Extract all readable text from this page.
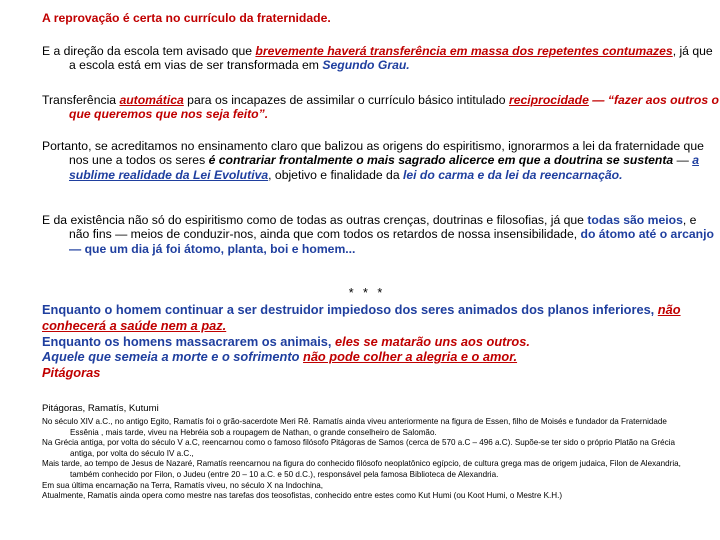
A reprovação é certa no currículo da fraternidade.
E a direção da escola tem avisado que brevemente haverá transferência em massa dos repetentes contumazes, já que a escola está em vias de ser transformada em Segundo Grau.
Transferência automática para os incapazes de assimilar o currículo básico intitulado reciprocidade — “fazer aos outros o que queremos que nos seja feito”.
Portanto, se acreditamos no ensinamento claro que balizou as origens do espiritismo, ignorarmos a lei da fraternidade que nos une a todos os seres é contrariar frontalmente o mais sagrado alicerce em que a doutrina se sustenta — a sublime realidade da Lei Evolutiva, objetivo e finalidade da lei do carma e da lei da reencarnação.
E da existência não só do espiritismo como de todas as outras crenças, doutrinas e filosofias, já que todas são meios, e não fins — meios de conduzir-nos, ainda que com todos os retardos de nossa insensibilidade, do átomo até o arcanjo — que um dia já foi átomo, planta, boi e homem...
* * *
Enquanto o homem continuar a ser destruidor impiedoso dos seres animados dos planos inferiores, não conhecerá a saúde nem a paz.
Enquanto os homens massacrarem os animais, eles se matarão uns aos outros.
Aquele que semeia a morte e o sofrimento não pode colher a alegria e o amor.
Pitágoras
Pitágoras, Ramatís, Kutumi
No século XIV a.C., no antigo Egito, Ramatís foi o grão-sacerdote Meri Rê. Ramatís ainda viveu anteriormente na figura de Essen, filho de Moisés e fundador da Fraternidade Essênia , mais tarde, viveu na Hebréia sob a roupagem de Nathan, o grande conselheiro de Salomão.
Na Grécia antiga, por volta do século V a.C, reencarnou como o famoso filósofo Pitágoras de Samos (cerca de 570 a.C – 496 a.C). Supõe-se ter sido o próprio Platão na Grécia antiga, por volta do século IV a.C.,
Mais tarde, ao tempo de Jesus de Nazaré, Ramatís reencarnou na figura do conhecido filósofo neoplatônico egípcio, de cultura grega mas de origem judaica, Filon de Alexandria, também conhecido por Filon, o Judeu (entre 20 – 10 a.C. e 50 d.C.), responsável pela famosa Biblioteca de Alexandria.
Em sua última encarnação na Terra, Ramatís viveu, no século X na Indochina,
Atualmente, Ramatís ainda opera como mestre nas tarefas dos teosofistas, conhecido entre estes como Kut Humi (ou Koot Humi, o Mestre K.H.)
